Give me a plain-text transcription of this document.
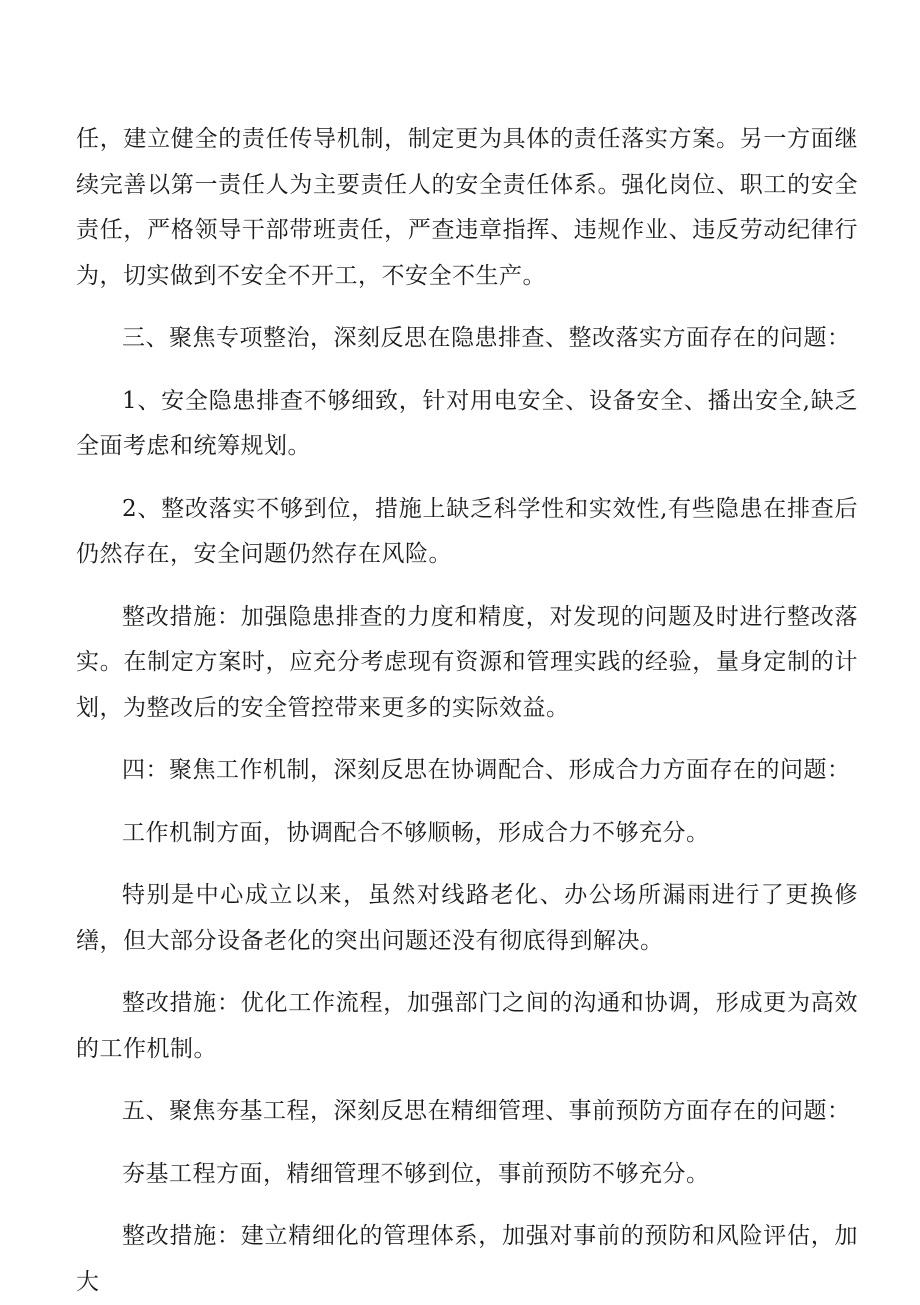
任，建立健全的责任传导机制，制定更为具体的责任落实方案。另一方面继续完善以第一责任人为主要责任人的安全责任体系。强化岗位、职工的安全责任，严格领导干部带班责任，严查违章指挥、违规作业、违反劳动纪律行为，切实做到不安全不开工，不安全不生产。

三、聚焦专项整治，深刻反思在隐患排查、整改落实方面存在的问题：

1、安全隐患排查不够细致，针对用电安全、设备安全、播出安全,缺乏全面考虑和统筹规划。

2、整改落实不够到位，措施上缺乏科学性和实效性,有些隐患在排查后仍然存在，安全问题仍然存在风险。

整改措施：加强隐患排查的力度和精度，对发现的问题及时进行整改落实。在制定方案时，应充分考虑现有资源和管理实践的经验，量身定制的计划，为整改后的安全管控带来更多的实际效益。

四：聚焦工作机制，深刻反思在协调配合、形成合力方面存在的问题：

工作机制方面，协调配合不够顺畅，形成合力不够充分。

特别是中心成立以来，虽然对线路老化、办公场所漏雨进行了更换修缮，但大部分设备老化的突出问题还没有彻底得到解决。

整改措施：优化工作流程，加强部门之间的沟通和协调，形成更为高效的工作机制。

五、聚焦夯基工程，深刻反思在精细管理、事前预防方面存在的问题：

夯基工程方面，精细管理不够到位，事前预防不够充分。

整改措施：建立精细化的管理体系，加强对事前的预防和风险评估，加大
